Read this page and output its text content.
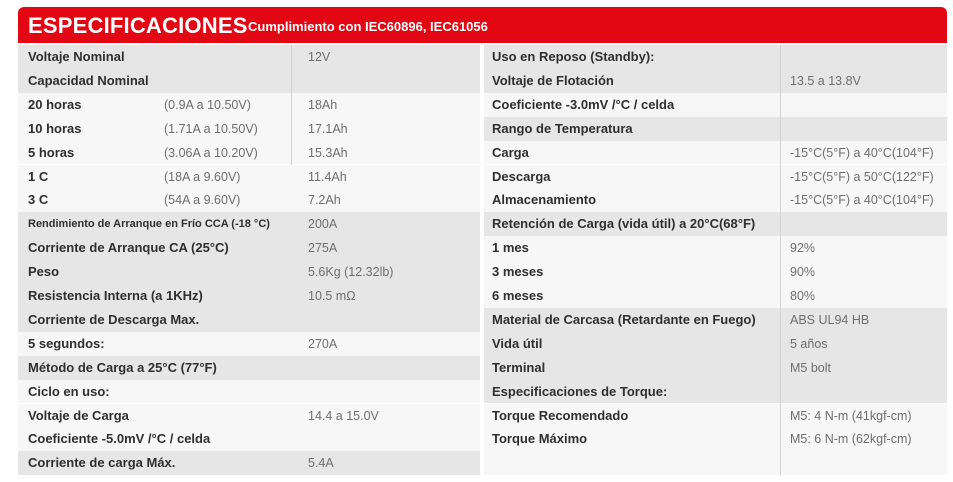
ESPECIFICACIONES Cumplimiento con IEC60896, IEC61056
Voltaje Nominal	12V
Capacidad Nominal
20 horas	(0.9A a 10.50V)	18Ah
10 horas	(1.71A a 10.50V)	17.1Ah
5 horas	(3.06A a 10.20V)	15.3Ah
1 C	(18A a 9.60V)	11.4Ah
3 C	(54A a 9.60V)	7.2Ah
Rendimiento de Arranque en Frío CCA (-18 °C)	200A
Corriente de Arranque CA (25°C)	275A
Peso	5.6Kg (12.32lb)
Resistencia Interna (a 1KHz)	10.5 mΩ
Corriente de Descarga Max.
5 segundos:	270A
Método de Carga a 25°C (77°F)
Ciclo en uso:
Voltaje de Carga	14.4 a 15.0V
Coeficiente -5.0mV /°C / celda
Corriente de carga Máx.	5.4A
Uso en Reposo (Standby):
Voltaje de Flotación	13.5 a 13.8V
Coeficiente -3.0mV /°C / celda
Rango de Temperatura
Carga	-15°C(5°F) a 40°C(104°F)
Descarga	-15°C(5°F) a 50°C(122°F)
Almacenamiento	-15°C(5°F) a 40°C(104°F)
Retención de Carga (vida útil) a 20°C(68°F)
1 mes	92%
3 meses	90%
6 meses	80%
Material de Carcasa (Retardante en Fuego)	ABS UL94 HB
Vida útil	5 años
Terminal	M5 bolt
Especificaciones de Torque:
Torque Recomendado	M5: 4 N-m (41kgf-cm)
Torque Máximo	M5: 6 N-m (62kgf-cm)
